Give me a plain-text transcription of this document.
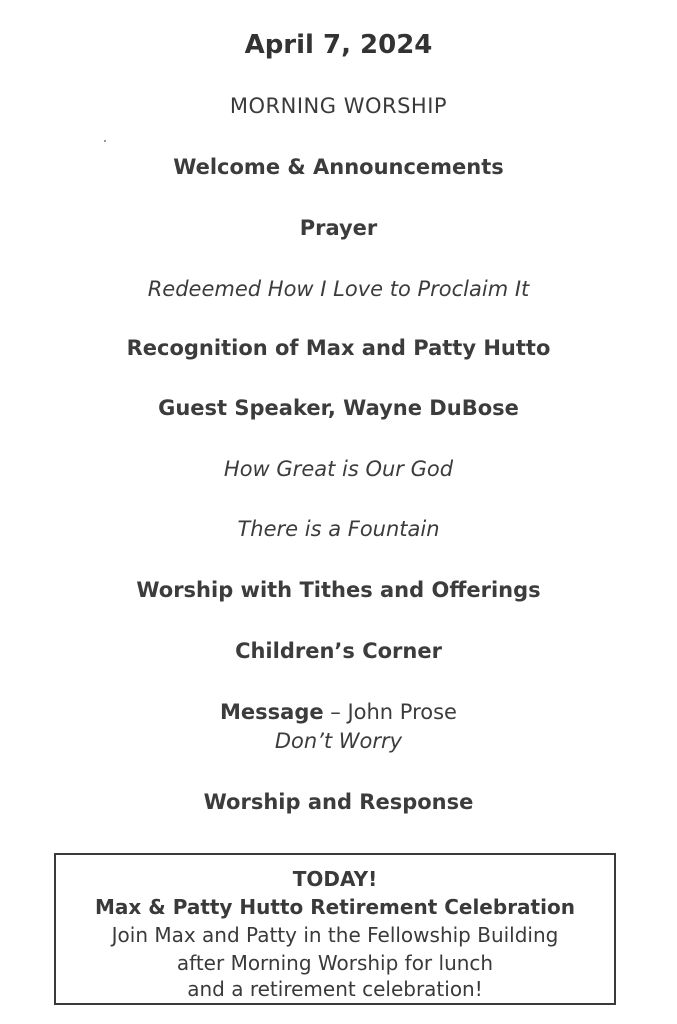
April 7, 2024
MORNING WORSHIP
Welcome & Announcements
Prayer
Redeemed How I Love to Proclaim It
Recognition of Max and Patty Hutto
Guest Speaker, Wayne DuBose
How Great is Our God
There is a Fountain
Worship with Tithes and Offerings
Children’s Corner
Message – John Prose
Don’t Worry
Worship and Response
TODAY!
Max & Patty Hutto Retirement Celebration
Join Max and Patty in the Fellowship Building
after Morning Worship for lunch
and a retirement celebration!
